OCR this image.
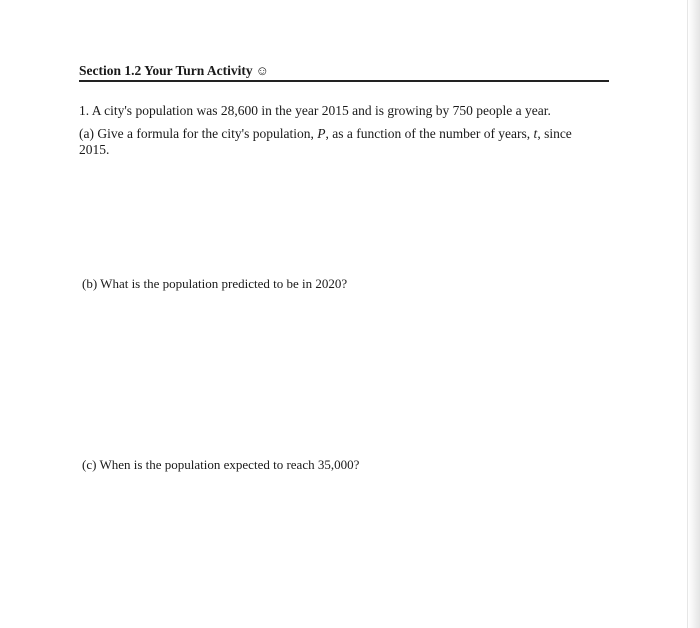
Section 1.2 Your Turn Activity ☺
1. A city's population was 28,600 in the year 2015 and is growing by 750 people a year.
(a) Give a formula for the city's population, P, as a function of the number of years, t, since
2015.
(b) What is the population predicted to be in 2020?
(c) When is the population expected to reach 35,000?
